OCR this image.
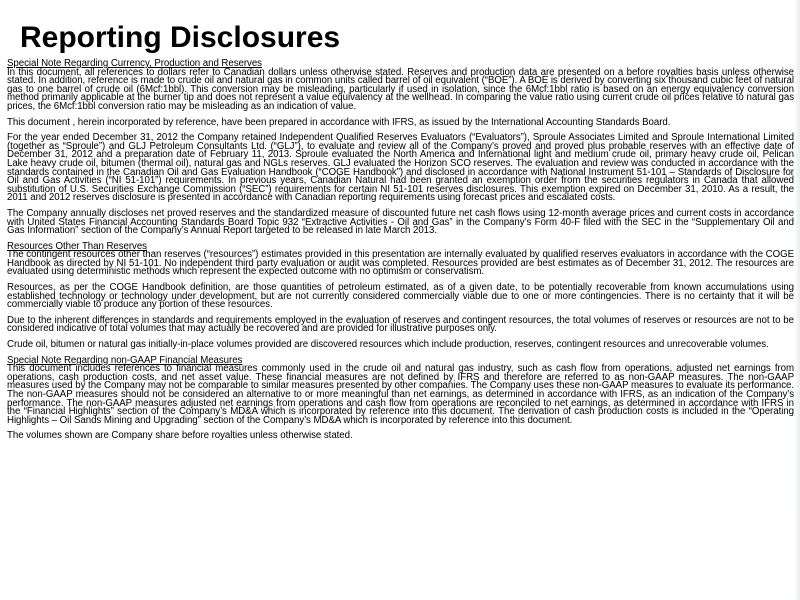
Reporting Disclosures

Special Note Regarding Currency, Production and Reserves
In this document, all references to dollars refer to Canadian dollars unless otherwise stated. Reserves and production data are presented on a before royalties basis unless otherwise stated. In addition, reference is made to crude oil and natural gas in common units called barrel of oil equivalent (“BOE”). A BOE is derived by converting six thousand cubic feet of natural gas to one barrel of crude oil (6Mcf:1bbl). This conversion may be misleading, particularly if used in isolation, since the 6Mcf:1bbl ratio is based on an energy equivalency conversion method primarily applicable at the burner tip and does not represent a value equivalency at the wellhead. In comparing the value ratio using current crude oil prices relative to natural gas prices, the 6Mcf:1bbl conversion ratio may be misleading as an indication of value.

This document , herein incorporated by reference, have been prepared in accordance with IFRS, as issued by the International Accounting Standards Board.

For the year ended December 31, 2012 the Company retained Independent Qualified Reserves Evaluators (“Evaluators”), Sproule Associates Limited and Sproule International Limited (together as “Sproule”) and GLJ Petroleum Consultants Ltd. (“GLJ”), to evaluate and review all of the Company’s proved and proved plus probable reserves with an effective date of December 31, 2012 and a preparation date of February 11, 2013. Sproule evaluated the North America and International light and medium crude oil, primary heavy crude oil, Pelican Lake heavy crude oil, bitumen (thermal oil), natural gas and NGLs reserves. GLJ evaluated the Horizon SCO reserves. The evaluation and review was conducted in accordance with the standards contained in the Canadian Oil and Gas Evaluation Handbook (“COGE Handbook”) and disclosed in accordance with National Instrument 51-101 – Standards of Disclosure for Oil and Gas Activities (“NI 51-101”) requirements. In previous years, Canadian Natural had been granted an exemption order from the securities regulators in Canada that allowed substitution of U.S. Securities Exchange Commission (“SEC”) requirements for certain NI 51-101 reserves disclosures. This exemption expired on December 31, 2010. As a result, the 2011 and 2012 reserves disclosure is presented in accordance with Canadian reporting requirements using forecast prices and escalated costs.

The Company annually discloses net proved reserves and the standardized measure of discounted future net cash flows using 12-month average prices and current costs in accordance with United States Financial Accounting Standards Board Topic 932 “Extractive Activities - Oil and Gas” in the Company’s Form 40-F filed with the SEC in the “Supplementary Oil and Gas Information” section of the Company’s Annual Report targeted to be released in late March 2013.

Resources Other Than Reserves
The contingent resources other than reserves (“resources”) estimates provided in this presentation are internally evaluated by qualified reserves evaluators in accordance with the COGE Handbook as directed by NI 51-101. No independent third party evaluation or audit was completed. Resources provided are best estimates as of December 31, 2012. The resources are evaluated using deterministic methods which represent the expected outcome with no optimism or conservatism.

Resources, as per the COGE Handbook definition, are those quantities of petroleum estimated, as of a given date, to be potentially recoverable from known accumulations using established technology or technology under development, but are not currently considered commercially viable due to one or more contingencies. There is no certainty that it will be commercially viable to produce any portion of these resources.

Due to the inherent differences in standards and requirements employed in the evaluation of reserves and contingent resources, the total volumes of reserves or resources are not to be considered indicative of total volumes that may actually be recovered and are provided for illustrative purposes only.

Crude oil, bitumen or natural gas initially-in-place volumes provided are discovered resources which include production, reserves, contingent resources and unrecoverable volumes.

Special Note Regarding non-GAAP Financial Measures
This document includes references to financial measures commonly used in the crude oil and natural gas industry, such as cash flow from operations, adjusted net earnings from operations, cash production costs, and net asset value. These financial measures are not defined by IFRS and therefore are referred to as non-GAAP measures. The non-GAAP measures used by the Company may not be comparable to similar measures presented by other companies. The Company uses these non-GAAP measures to evaluate its performance. The non-GAAP measures should not be considered an alternative to or more meaningful than net earnings, as determined in accordance with IFRS, as an indication of the Company’s performance. The non-GAAP measures adjusted net earnings from operations and cash flow from operations are reconciled to net earnings, as determined in accordance with IFRS in the “Financial Highlights” section of the Company’s MD&A which is incorporated by reference into this document. The derivation of cash production costs is included in the “Operating Highlights – Oil Sands Mining and Upgrading” section of the Company’s MD&A which is incorporated by reference into this document.

The volumes shown are Company share before royalties unless otherwise stated.
